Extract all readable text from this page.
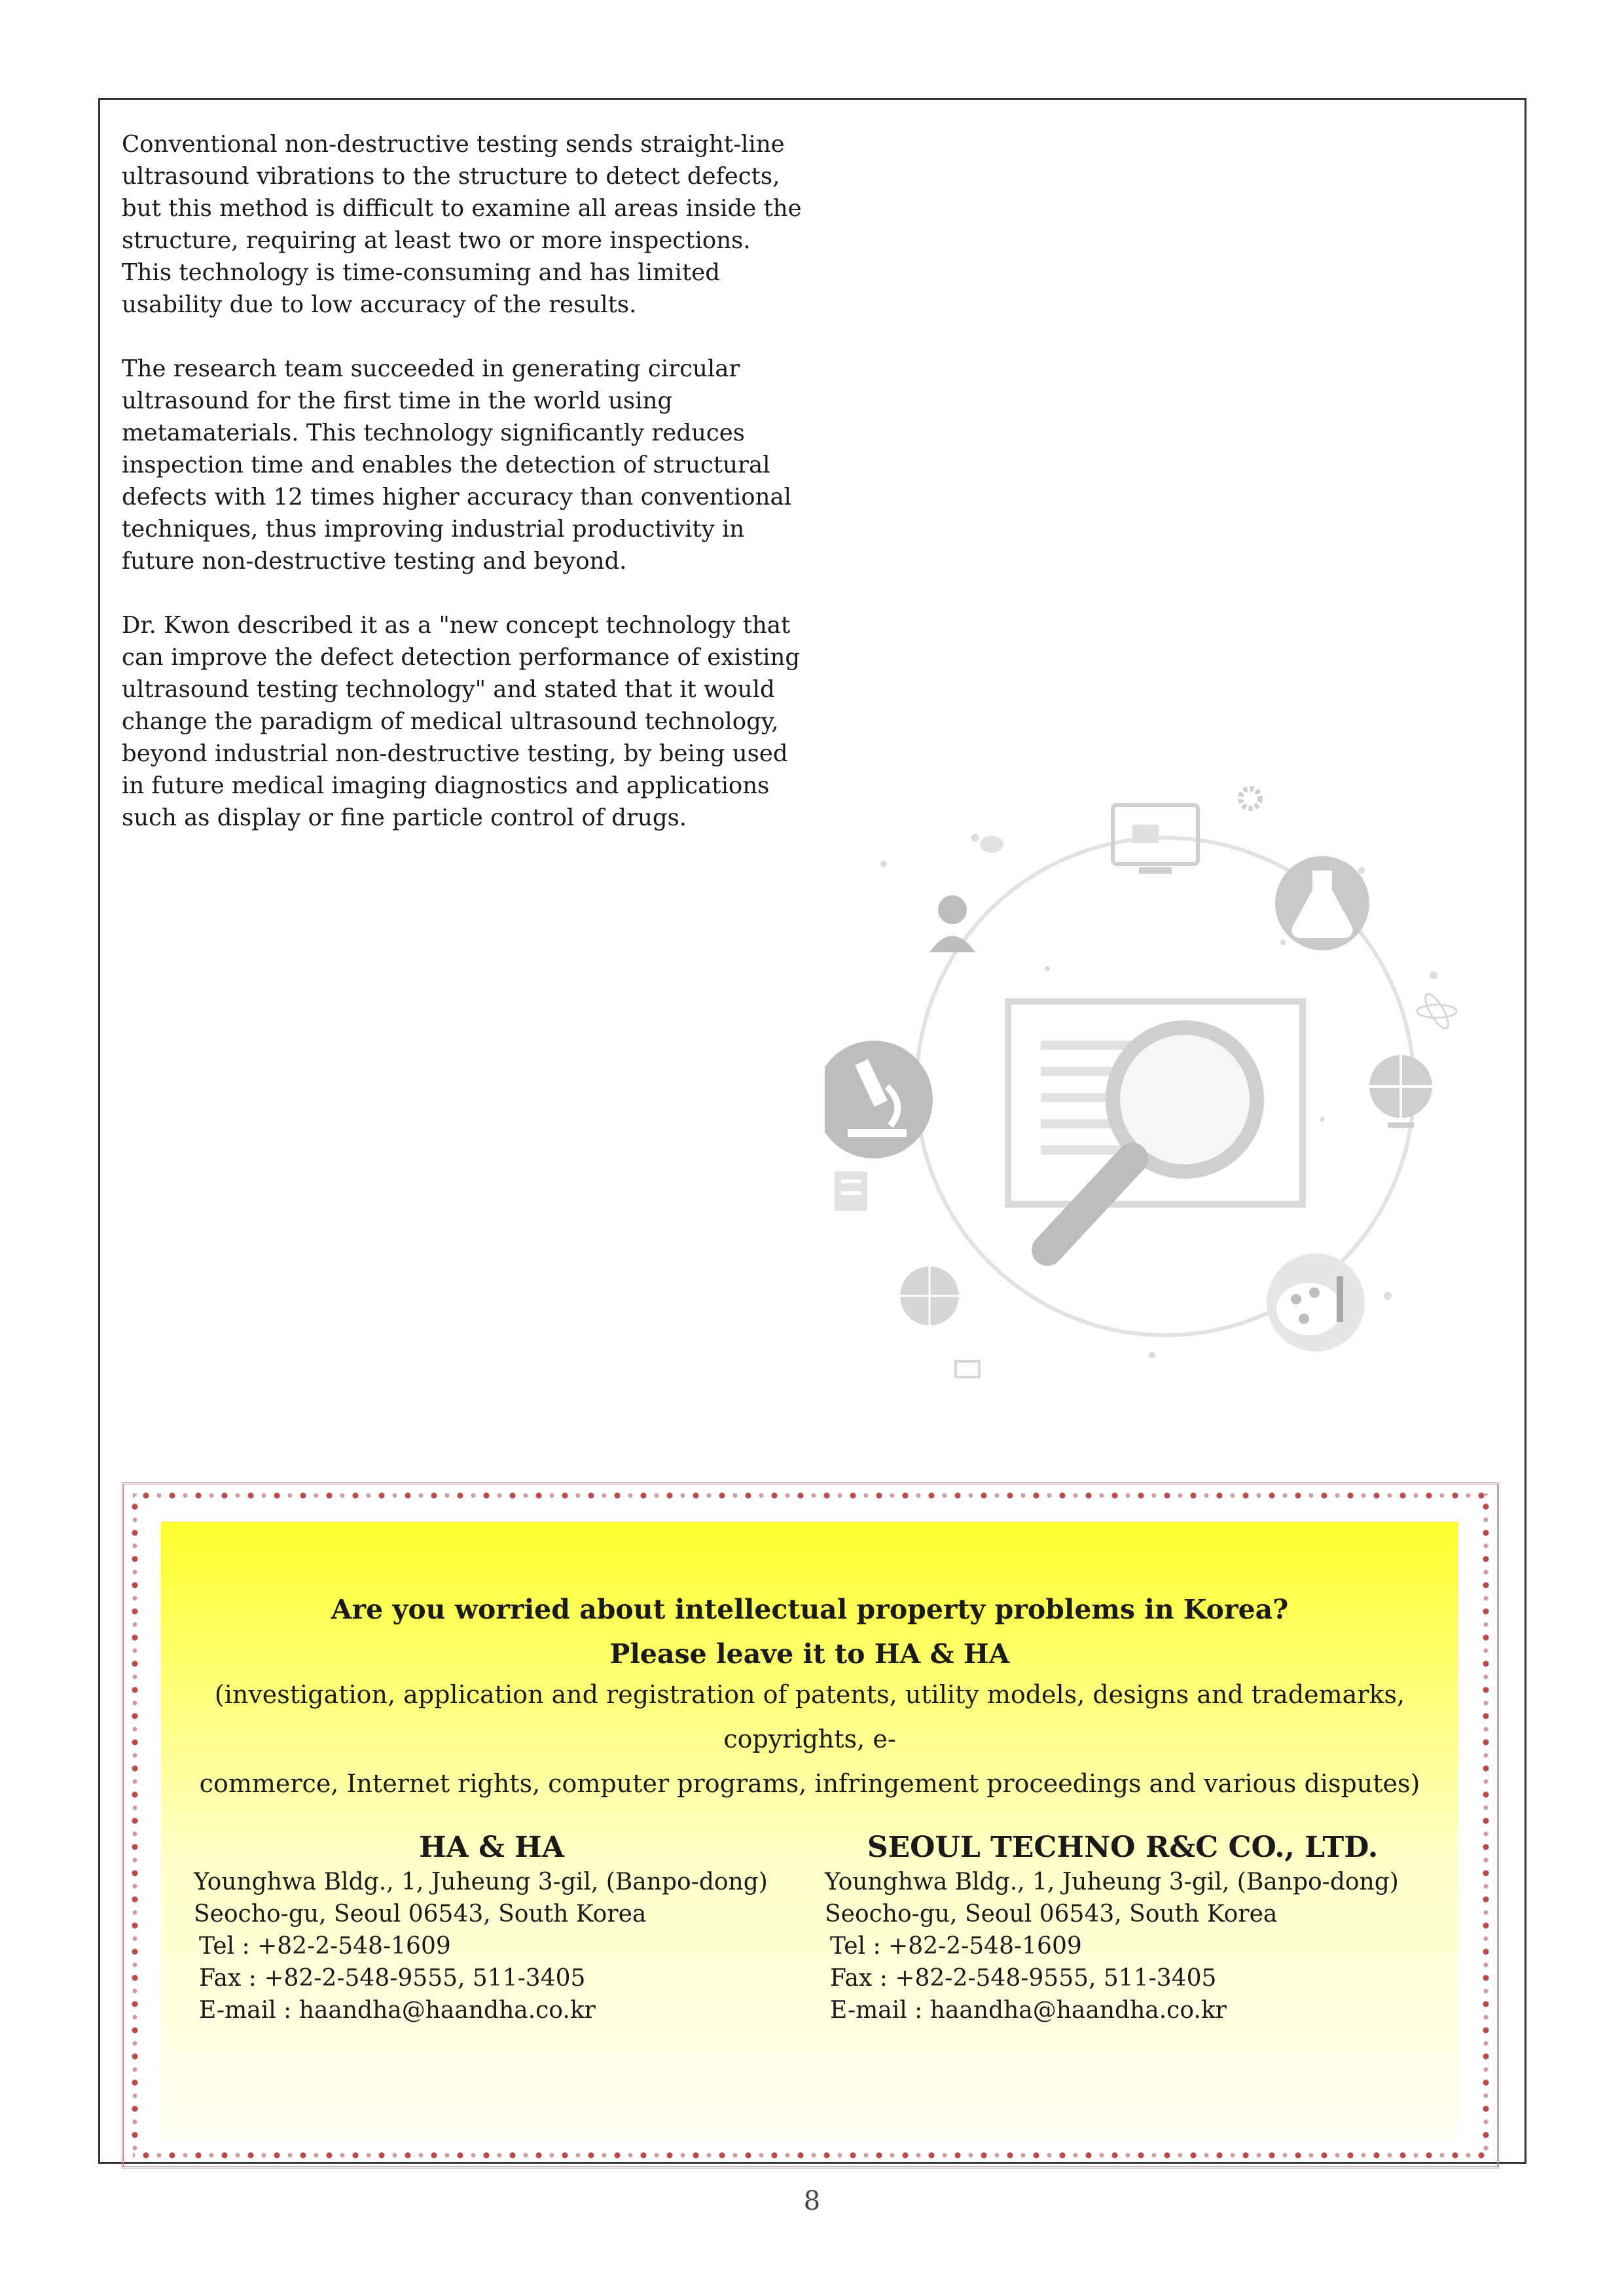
Conventional non-destructive testing sends straight-line ultrasound vibrations to the structure to detect defects, but this method is difficult to examine all areas inside the structure, requiring at least two or more inspections. This technology is time-consuming and has limited usability due to low accuracy of the results.

The research team succeeded in generating circular ultrasound for the first time in the world using metamaterials. This technology significantly reduces inspection time and enables the detection of structural defects with 12 times higher accuracy than conventional techniques, thus improving industrial productivity in future non-destructive testing and beyond.

Dr. Kwon described it as a "new concept technology that can improve the defect detection performance of existing ultrasound testing technology" and stated that it would change the paradigm of medical ultrasound technology, beyond industrial non-destructive testing, by being used in future medical imaging diagnostics and applications such as display or fine particle control of drugs.

Are you worried about intellectual property problems in Korea?
Please leave it to HA & HA
(investigation, application and registration of patents, utility models, designs and trademarks, copyrights, e-
commerce, Internet rights, computer programs, infringement proceedings and various disputes)
HA & HA
Younghwa Bldg., 1, Juheung 3-gil, (Banpo-dong)
Seocho-gu, Seoul 06543, South Korea
Tel : +82-2-548-1609
Fax : +82-2-548-9555, 511-3405
E-mail : haandha@haandha.co.kr
SEOUL TECHNO R&C CO., LTD.
Younghwa Bldg., 1, Juheung 3-gil, (Banpo-dong)
Seocho-gu, Seoul 06543, South Korea
Tel : +82-2-548-1609
Fax : +82-2-548-9555, 511-3405
E-mail : haandha@haandha.co.kr
8
